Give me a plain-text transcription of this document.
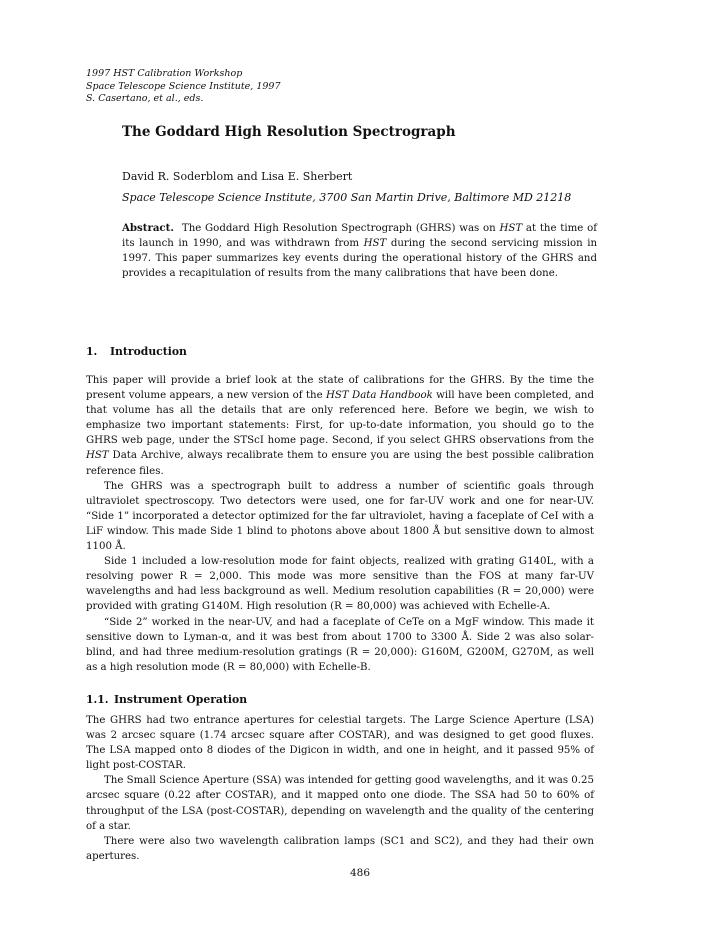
1997 HST Calibration Workshop
Space Telescope Science Institute, 1997
S. Casertano, et al., eds.
The Goddard High Resolution Spectrograph
David R. Soderblom and Lisa E. Sherbert
Space Telescope Science Institute, 3700 San Martin Drive, Baltimore MD 21218

Abstract. The Goddard High Resolution Spectrograph (GHRS) was on HST at the time of its launch in 1990, and was withdrawn from HST during the second servicing mission in 1997. This paper summarizes key events during the operational history of the GHRS and provides a recapitulation of results from the many calibrations that have been done.

1. Introduction

This paper will provide a brief look at the state of calibrations for the GHRS. By the time the present volume appears, a new version of the HST Data Handbook will have been completed, and that volume has all the details that are only referenced here. Before we begin, we wish to emphasize two important statements: First, for up-to-date information, you should go to the GHRS web page, under the STScI home page. Second, if you select GHRS observations from the HST Data Archive, always recalibrate them to ensure you are using the best possible calibration reference files.

The GHRS was a spectrograph built to address a number of scientific goals through ultraviolet spectroscopy. Two detectors were used, one for far-UV work and one for near-UV. “Side 1” incorporated a detector optimized for the far ultraviolet, having a faceplate of CeI with a LiF window. This made Side 1 blind to photons above about 1800 Å but sensitive down to almost 1100 Å.

Side 1 included a low-resolution mode for faint objects, realized with grating G140L, with a resolving power R = 2,000. This mode was more sensitive than the FOS at many far-UV wavelengths and had less background as well. Medium resolution capabilities (R = 20,000) were provided with grating G140M. High resolution (R = 80,000) was achieved with Echelle-A.

“Side 2” worked in the near-UV, and had a faceplate of CeTe on a MgF window. This made it sensitive down to Lyman-α, and it was best from about 1700 to 3300 Å. Side 2 was also solar-blind, and had three medium-resolution gratings (R = 20,000): G160M, G200M, G270M, as well as a high resolution mode (R = 80,000) with Echelle-B.

1.1. Instrument Operation

The GHRS had two entrance apertures for celestial targets. The Large Science Aperture (LSA) was 2 arcsec square (1.74 arcsec square after COSTAR), and was designed to get good fluxes. The LSA mapped onto 8 diodes of the Digicon in width, and one in height, and it passed 95% of light post-COSTAR.

The Small Science Aperture (SSA) was intended for getting good wavelengths, and it was 0.25 arcsec square (0.22 after COSTAR), and it mapped onto one diode. The SSA had 50 to 60% of throughput of the LSA (post-COSTAR), depending on wavelength and the quality of the centering of a star.

There were also two wavelength calibration lamps (SC1 and SC2), and they had their own apertures.

486
